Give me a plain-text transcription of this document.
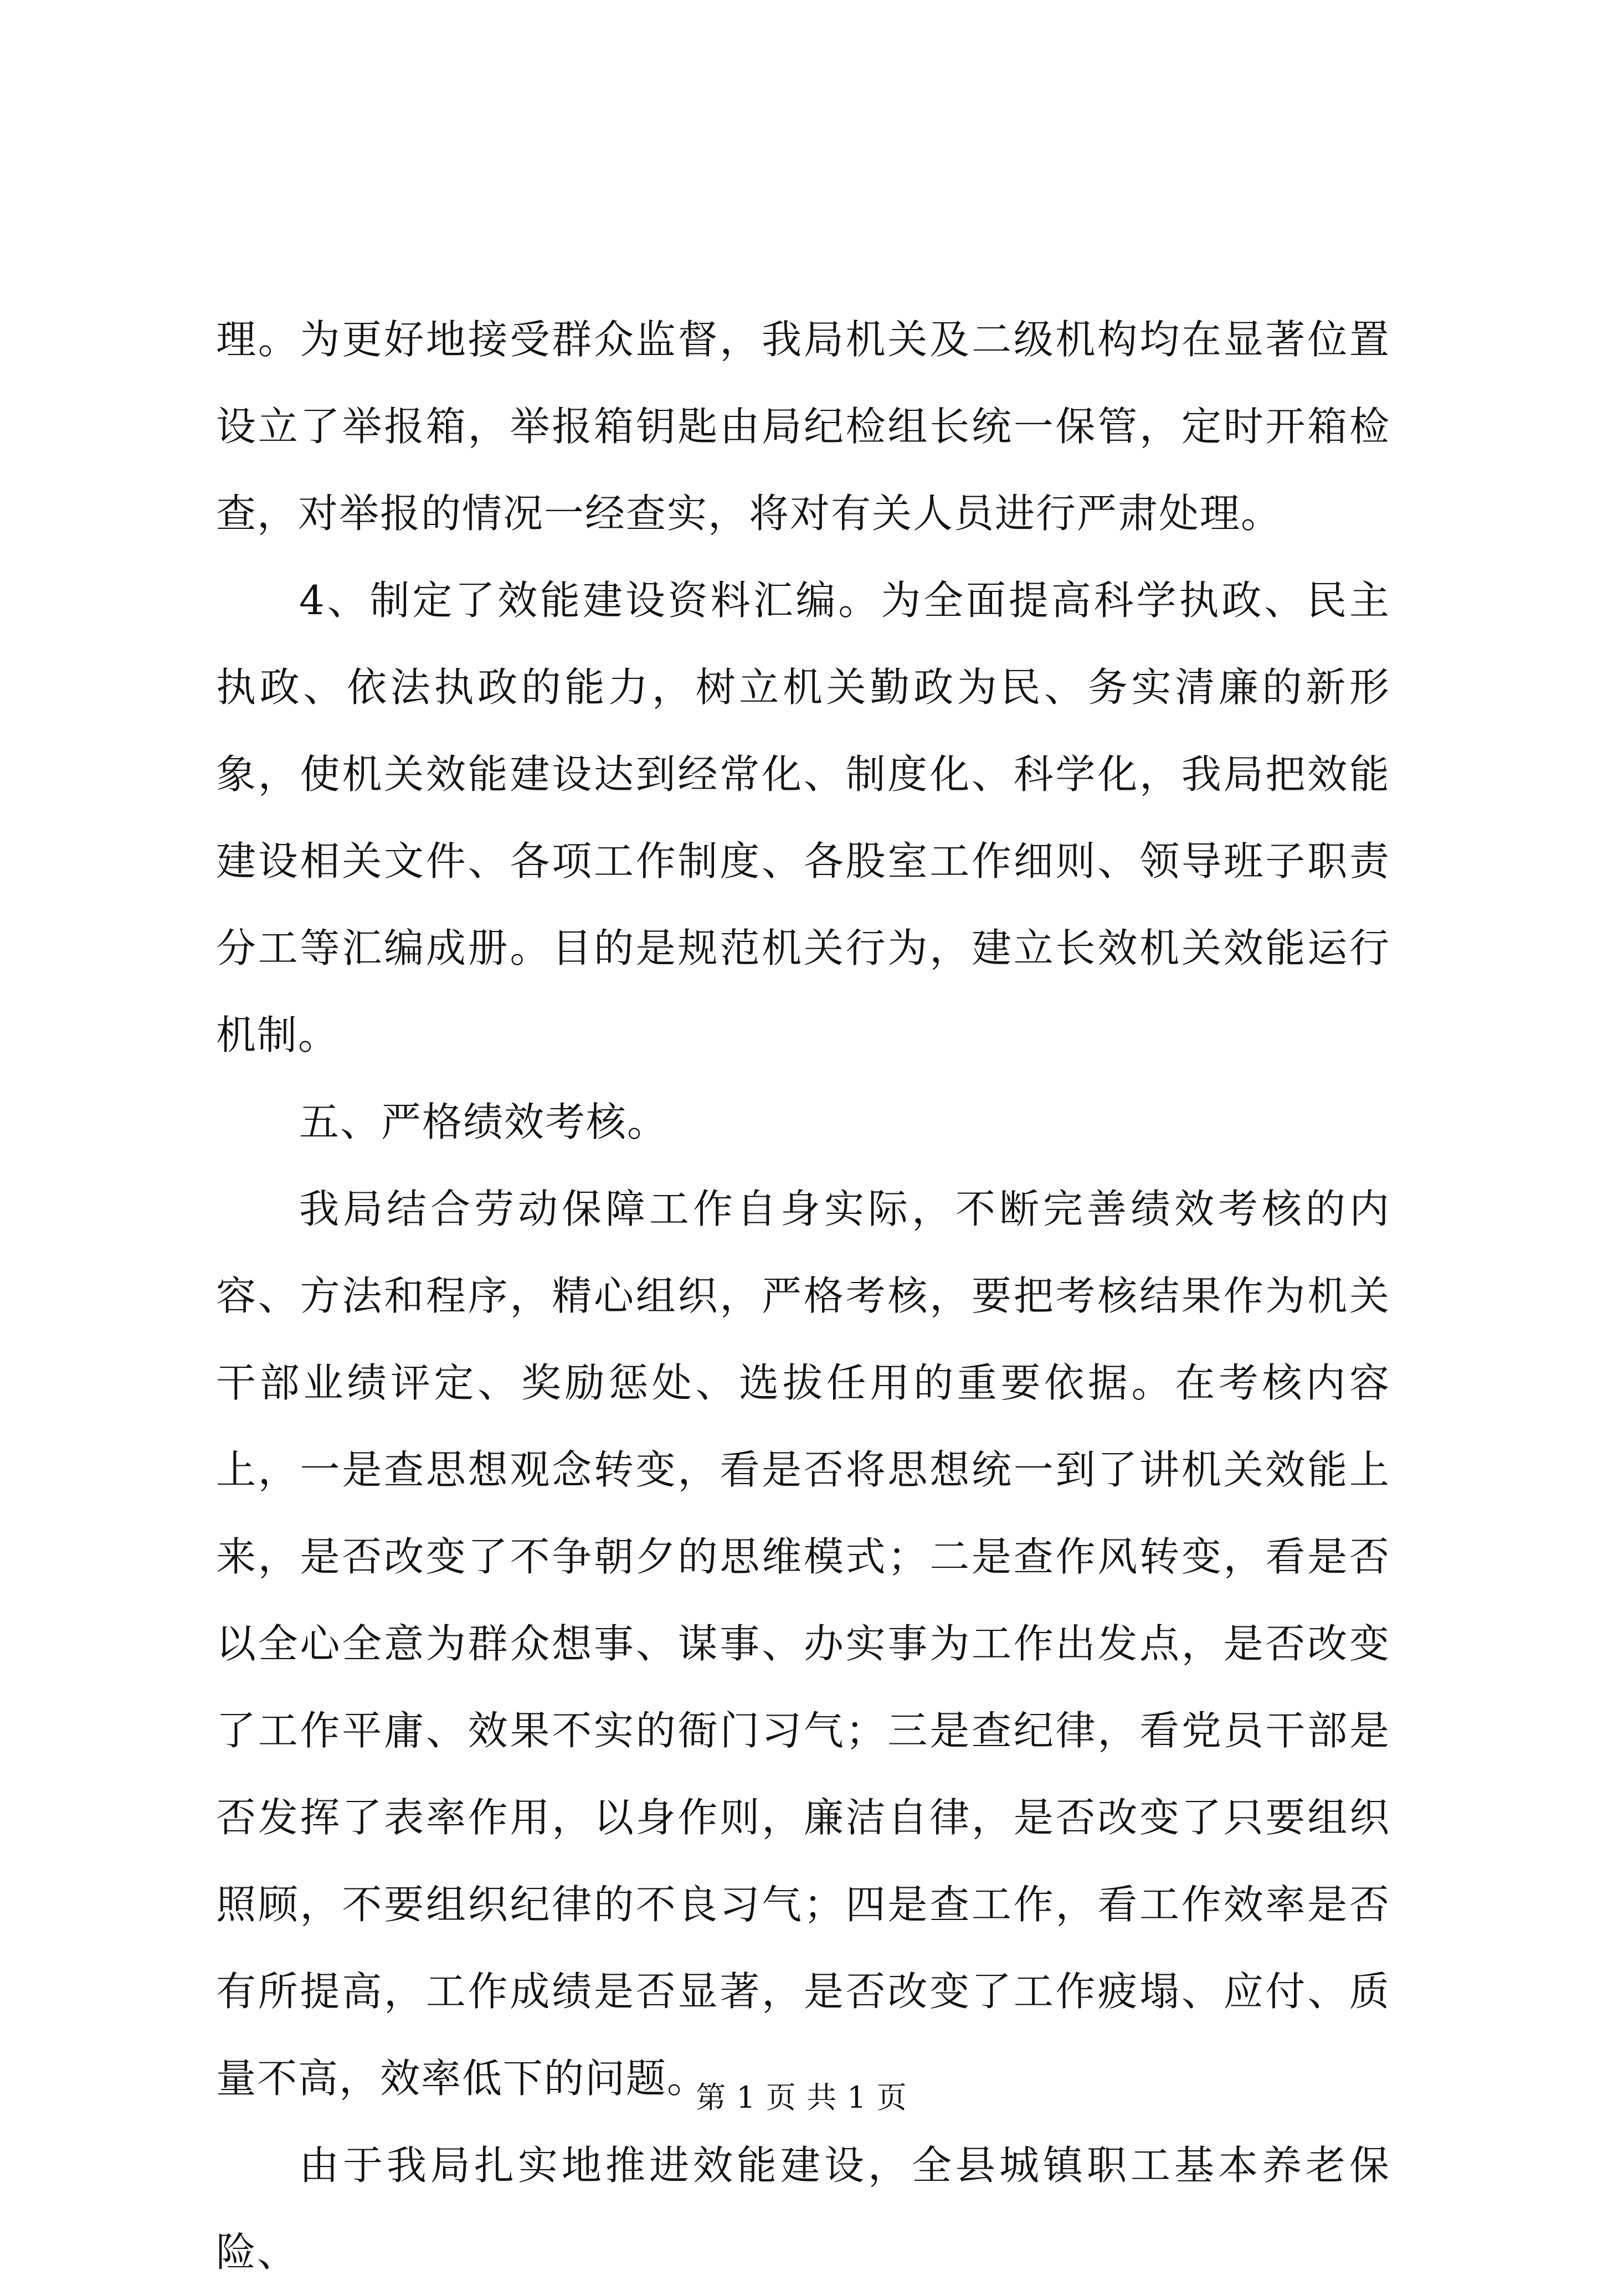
理。为更好地接受群众监督，我局机关及二级机构均在显著位置设立了举报箱，举报箱钥匙由局纪检组长统一保管，定时开箱检查，对举报的情况一经查实，将对有关人员进行严肃处理。

4、制定了效能建设资料汇编。为全面提高科学执政、民主执政、依法执政的能力，树立机关勤政为民、务实清廉的新形象，使机关效能建设达到经常化、制度化、科学化，我局把效能建设相关文件、各项工作制度、各股室工作细则、领导班子职责分工等汇编成册。目的是规范机关行为，建立长效机关效能运行机制。

五、严格绩效考核。

我局结合劳动保障工作自身实际，不断完善绩效考核的内容、方法和程序，精心组织，严格考核，要把考核结果作为机关干部业绩评定、奖励惩处、选拔任用的重要依据。在考核内容上，一是查思想观念转变，看是否将思想统一到了讲机关效能上来，是否改变了不争朝夕的思维模式；二是查作风转变，看是否以全心全意为群众想事、谋事、办实事为工作出发点，是否改变了工作平庸、效果不实的衙门习气；三是查纪律，看党员干部是否发挥了表率作用，以身作则，廉洁自律，是否改变了只要组织照顾，不要组织纪律的不良习气；四是查工作，看工作效率是否有所提高，工作成绩是否显著，是否改变了工作疲塌、应付、质量不高，效率低下的问题。

由于我局扎实地推进效能建设，全县城镇职工基本养老保险、

第 1 页 共 1 页
